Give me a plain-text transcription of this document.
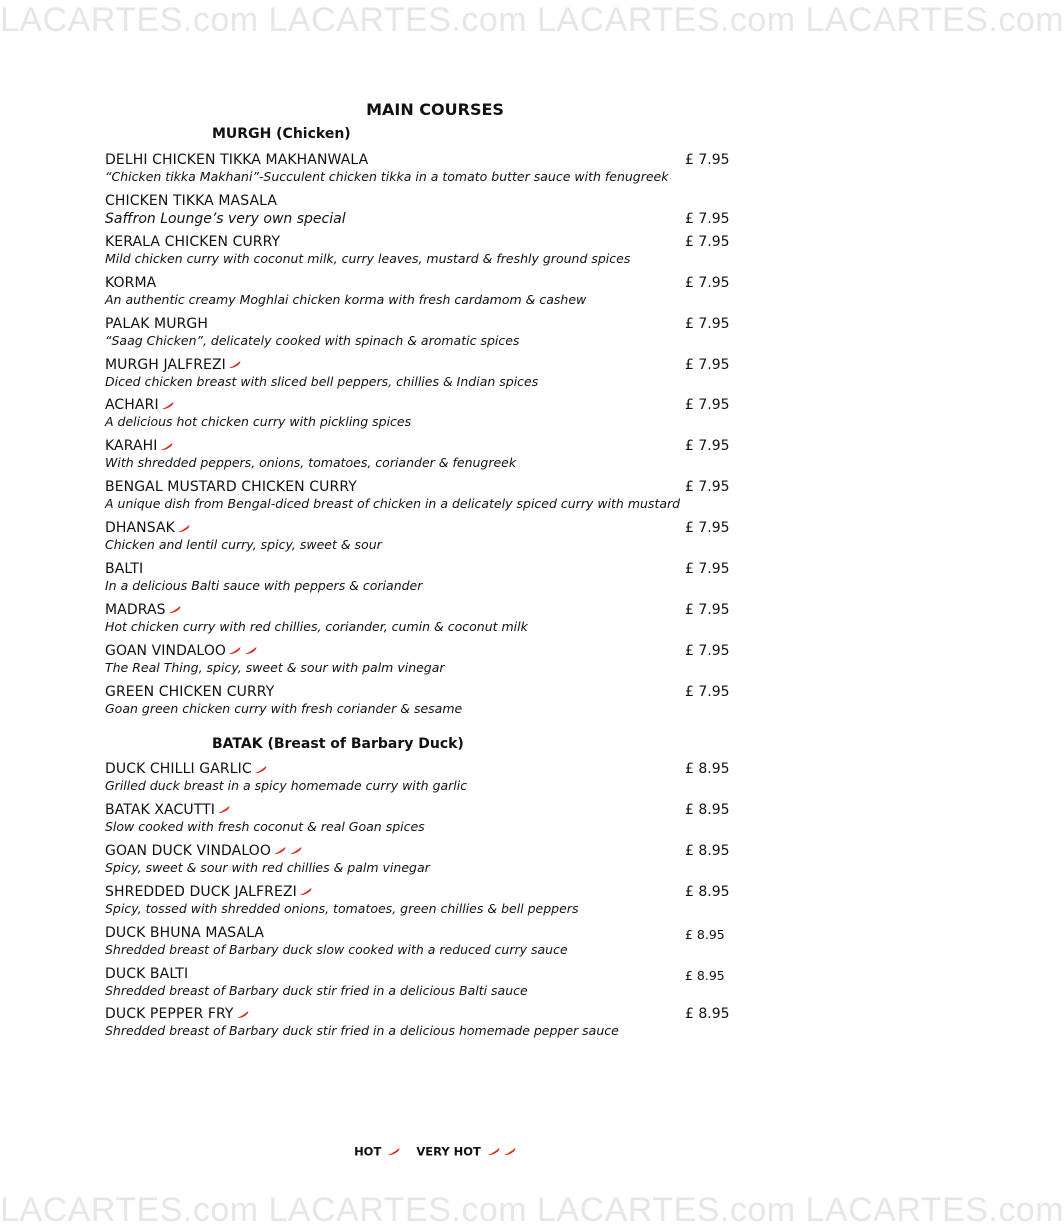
LACARTES.com LACARTES.com LACARTES.com LACARTES.com
MAIN COURSES
MURGH (Chicken)
DELHI CHICKEN TIKKA MAKHANWALA
“Chicken tikka Makhani”-Succulent chicken tikka in a tomato butter sauce with fenugreek
£ 7.95
CHICKEN TIKKA MASALA
Saffron Lounge’s very own special	£ 7.95
KERALA CHICKEN CURRY
Mild chicken curry with coconut milk, curry leaves, mustard & freshly ground spices
£ 7.95
KORMA
An authentic creamy Moghlai chicken korma with fresh cardamom & cashew
£ 7.95
PALAK MURGH
“Saag Chicken”, delicately cooked with spinach & aromatic spices
£ 7.95
MURGH JALFREZI
Diced chicken breast with sliced bell peppers, chillies & Indian spices
£ 7.95
ACHARI
A delicious hot chicken curry with pickling spices
£ 7.95
KARAHI
With shredded peppers, onions, tomatoes, coriander & fenugreek
£ 7.95
BENGAL MUSTARD CHICKEN CURRY
A unique dish from Bengal-diced breast of chicken in a delicately spiced curry with mustard
£ 7.95
DHANSAK
Chicken and lentil curry, spicy, sweet & sour
£ 7.95
BALTI
In a delicious Balti sauce with peppers & coriander
£ 7.95
MADRAS
Hot chicken curry with red chillies, coriander, cumin & coconut milk
£ 7.95
GOAN VINDALOO
The Real Thing, spicy, sweet & sour with palm vinegar
£ 7.95
GREEN CHICKEN CURRY
Goan green chicken curry with fresh coriander & sesame
£ 7.95
BATAK (Breast of Barbary Duck)
DUCK CHILLI GARLIC
Grilled duck breast in a spicy homemade curry with garlic
£ 8.95
BATAK XACUTTI
Slow cooked with fresh coconut & real Goan spices
£ 8.95
GOAN DUCK VINDALOO
Spicy, sweet & sour with red chillies & palm vinegar
£ 8.95
SHREDDED DUCK JALFREZI
Spicy, tossed with shredded onions, tomatoes, green chillies & bell peppers
£ 8.95
DUCK BHUNA MASALA
Shredded breast of Barbary duck slow cooked with a reduced curry sauce
£ 8.95
DUCK BALTI
Shredded breast of Barbary duck stir fried in a delicious Balti sauce
£ 8.95
DUCK PEPPER FRY
Shredded breast of Barbary duck stir fried in a delicious homemade pepper sauce
£ 8.95
HOT	VERY HOT
LACARTES.com LACARTES.com LACARTES.com LACARTES.com
